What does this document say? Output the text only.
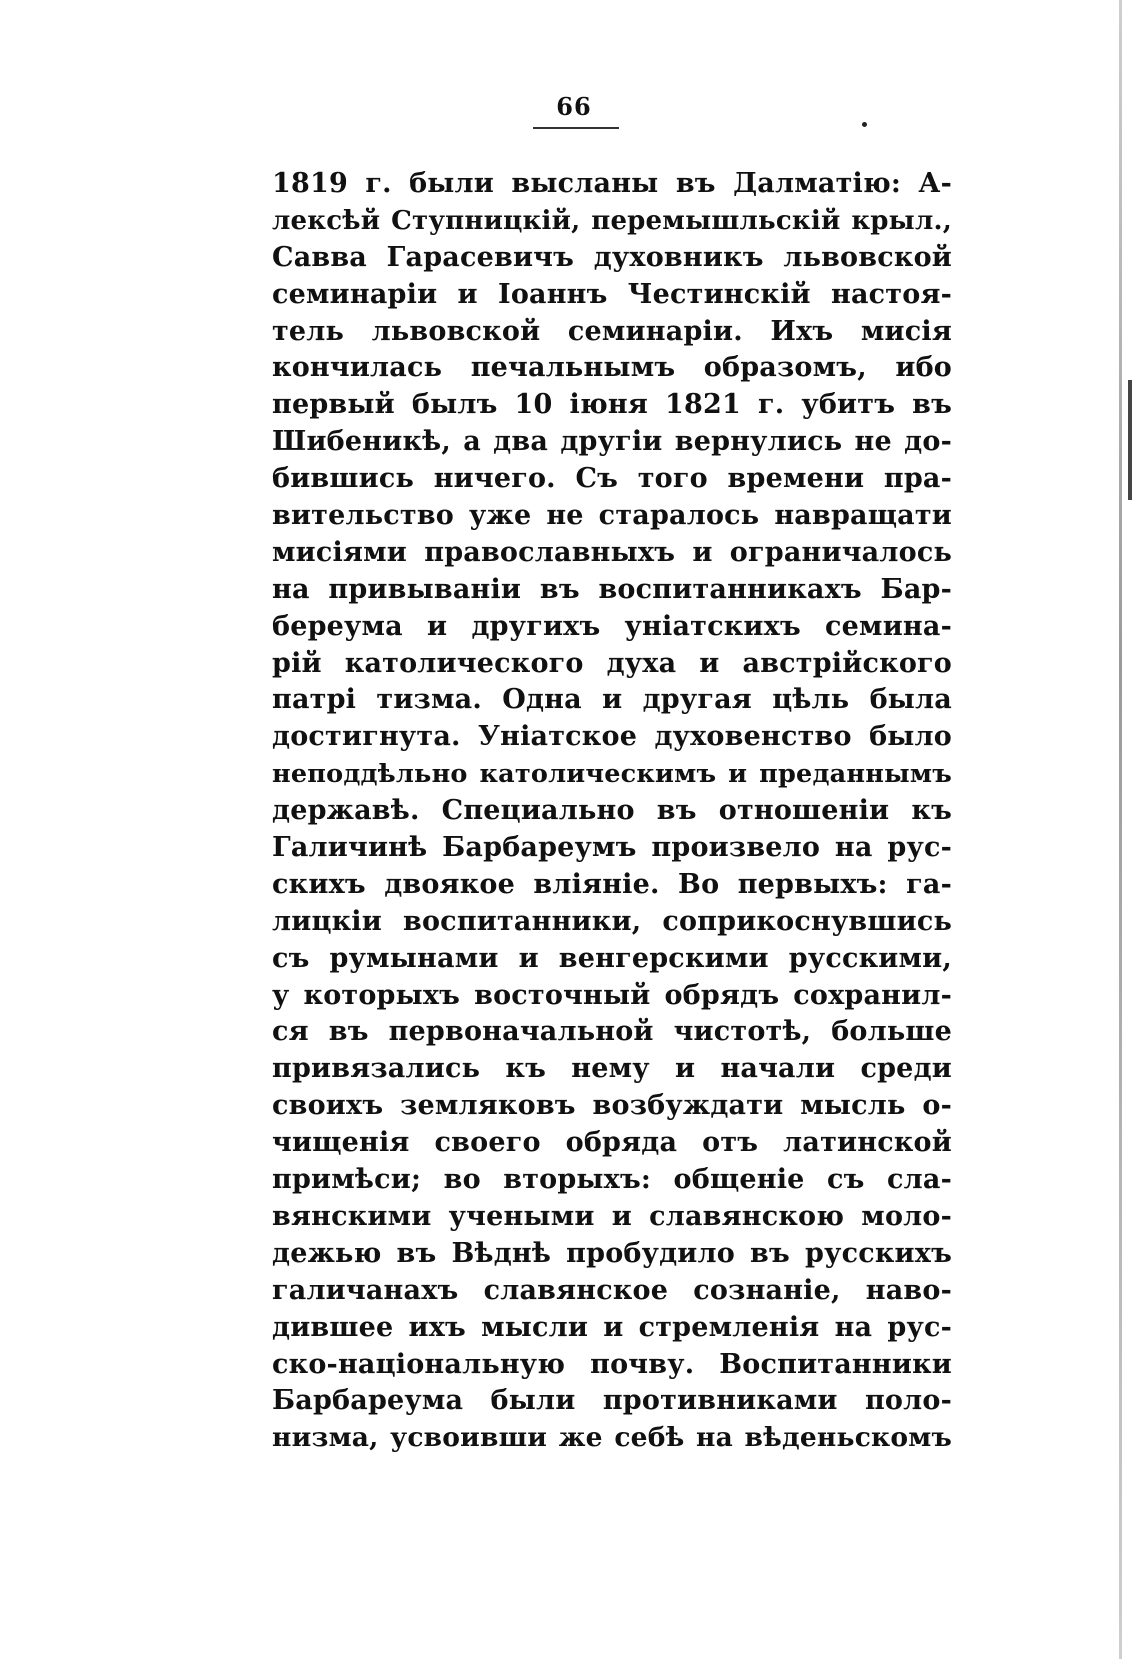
66
1819 г. были высланы въ Далматію: А-
лексѣй Ступницкій, перемышльскій крыл.,
Савва Гарасевичъ духовникъ львовской
семинаріи и Іоаннъ Честинскій настоя-
тель львовской семинаріи. Ихъ мисія
кончилась печальнымъ образомъ, ибо
первый былъ 10 іюня 1821 г. убитъ въ
Шибеникѣ, а два другіи вернулись не до-
бившись ничего. Съ того времени пра-
вительство уже не старалось навращати
мисіями православныхъ и ограничалось
на привыванiи въ воспитанникахъ Бар-
береума и другихъ уніатскихъ семина-
рій католического духа и австрійского
патрі тизма. Одна и другая цѣль была
достигнута. Уніатское духовенство было
неподдѣльно католическимъ и преданнымъ
державѣ. Специально въ отношеніи къ
Галичинѣ Барбареумъ произвело на рус-
скихъ двоякое вліяніе. Во первыхъ: га-
лицкіи воспитанники, соприкоснувшись
съ румынами и венгерскими русскими,
у которыхъ восточный обрядъ сохранил-
ся въ первоначальной чистотѣ, больше
привязались къ нему и начали среди
своихъ земляковъ возбуждати мысль о-
чищенія своего обряда отъ латинской
примѣси; во вторыхъ: общеніе съ сла-
вянскими учеными и славянскою моло-
дежью въ Вѣднѣ пробудило въ русскихъ
галичанахъ славянское сознаніе, наво-
дившее ихъ мысли и стремленія на рус-
ско-національную почву. Воспитанники
Барбареума были противниками поло-
низма, усвоивши же себѣ на вѣденьскомъ
